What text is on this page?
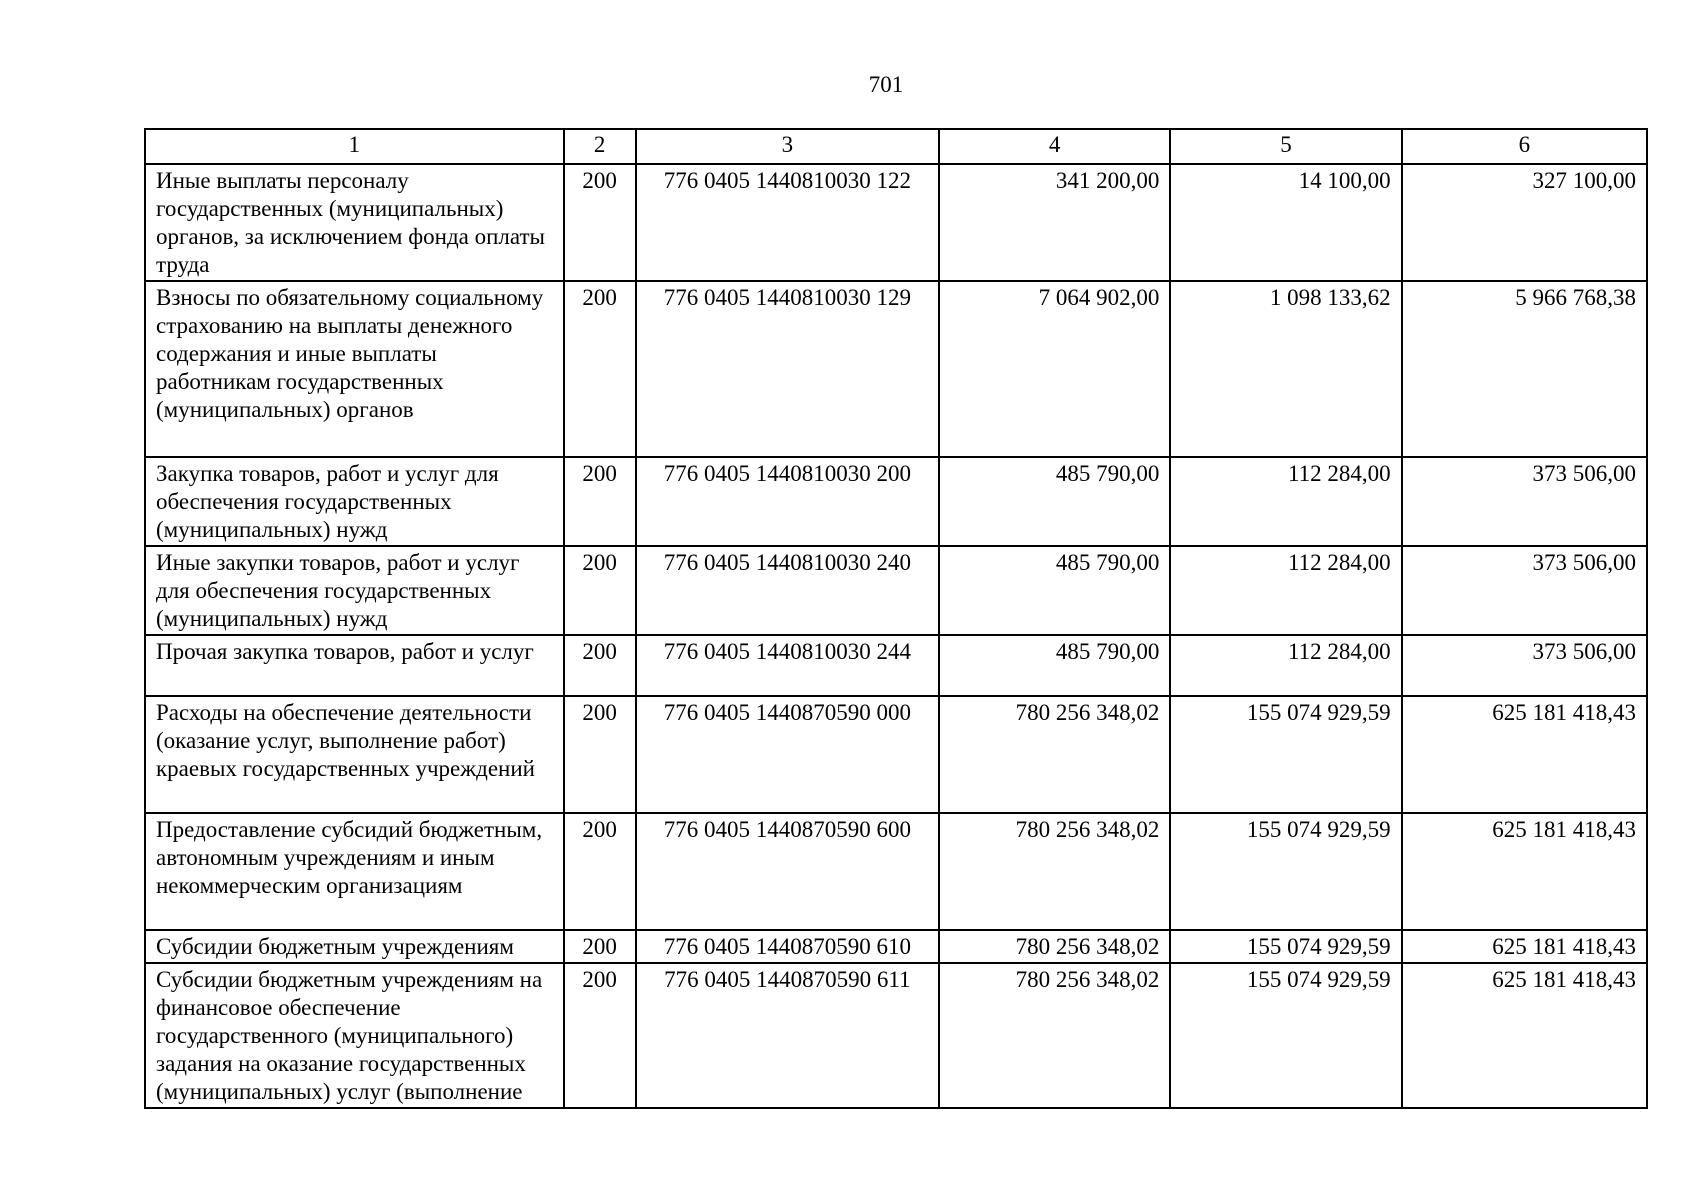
701
1	2	3	4	5	6
Иные выплаты персоналу государственных (муниципальных) органов, за исключением фонда оплаты труда	200	776 0405 1440810030 122	341 200,00	14 100,00	327 100,00
Взносы по обязательному социальному страхованию на выплаты денежного содержания и иные выплаты работникам государственных (муниципальных) органов	200	776 0405 1440810030 129	7 064 902,00	1 098 133,62	5 966 768,38
Закупка товаров, работ и услуг для обеспечения государственных (муниципальных) нужд	200	776 0405 1440810030 200	485 790,00	112 284,00	373 506,00
Иные закупки товаров, работ и услуг для обеспечения государственных (муниципальных) нужд	200	776 0405 1440810030 240	485 790,00	112 284,00	373 506,00
Прочая закупка товаров, работ и услуг	200	776 0405 1440810030 244	485 790,00	112 284,00	373 506,00
Расходы на обеспечение деятельности (оказание услуг, выполнение работ) краевых государственных учреждений	200	776 0405 1440870590 000	780 256 348,02	155 074 929,59	625 181 418,43
Предоставление субсидий бюджетным, автономным учреждениям и иным некоммерческим организациям	200	776 0405 1440870590 600	780 256 348,02	155 074 929,59	625 181 418,43
Субсидии бюджетным учреждениям	200	776 0405 1440870590 610	780 256 348,02	155 074 929,59	625 181 418,43
Субсидии бюджетным учреждениям на финансовое обеспечение государственного (муниципального) задания на оказание государственных (муниципальных) услуг (выполнение	200	776 0405 1440870590 611	780 256 348,02	155 074 929,59	625 181 418,43
